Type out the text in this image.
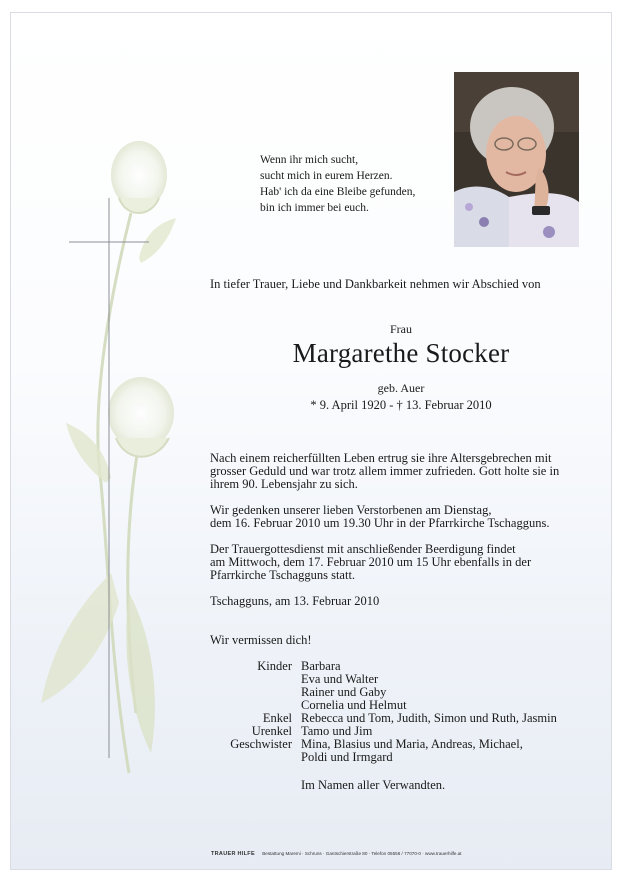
Wenn ihr mich sucht,
sucht mich in eurem Herzen.
Hab' ich da eine Bleibe gefunden,
bin ich immer bei euch.
In tiefer Trauer, Liebe und Dankbarkeit nehmen wir Abschied von
Frau
Margarethe Stocker
geb. Auer
* 9. April 1920 - † 13. Februar 2010
Nach einem reicherfüllten Leben ertrug sie ihre Altersgebrechen mit
grosser Geduld und war trotz allem immer zufrieden. Gott holte sie in
ihrem 90. Lebensjahr zu sich.
Wir gedenken unserer lieben Verstorbenen am Dienstag,
dem 16. Februar 2010 um 19.30 Uhr in der Pfarrkirche Tschagguns.
Der Trauergottesdienst mit anschließender Beerdigung findet
am Mittwoch, dem 17. Februar 2010 um 15 Uhr ebenfalls in der
Pfarrkirche Tschagguns statt.
Tschagguns, am 13. Februar 2010
Wir vermissen dich!
Kinder Barbara
Eva und Walter
Rainer und Gaby
Cornelia und Helmut
Enkel Rebecca und Tom, Judith, Simon und Ruth, Jasmin
Urenkel Tamo und Jim
Geschwister Mina, Blasius und Maria, Andreas, Michael,
Poldi und Irmgard
Im Namen aller Verwandten.
TRAUER HILFE Bestattung Maremi · Schruns · Gantschierstraße 80 · Telefon 05556 / 77070-0 · www.trauerhilfe.at
